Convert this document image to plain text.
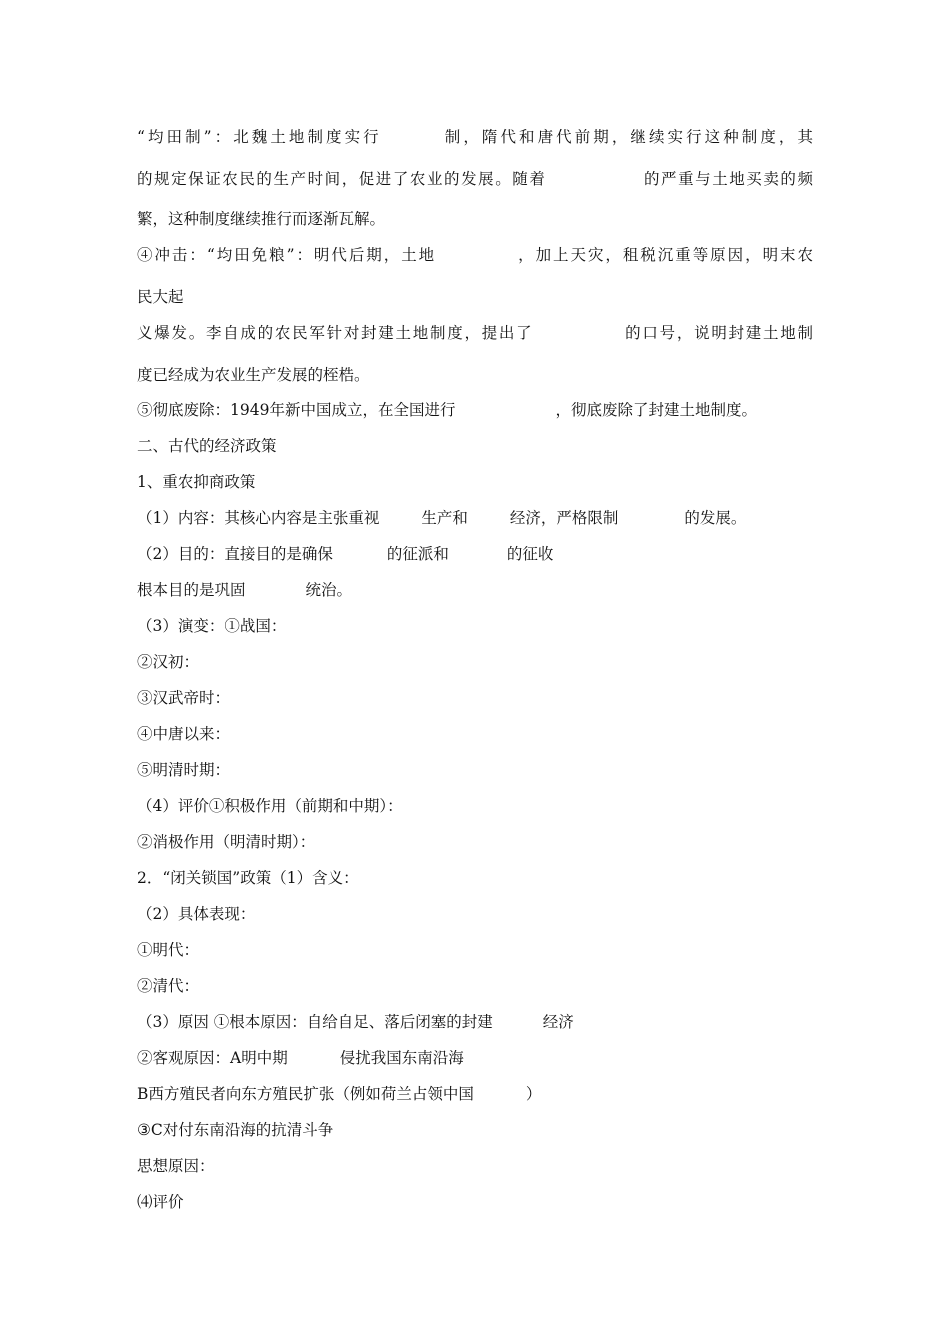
“均田制”：北魏土地制度实行	制，隋代和唐代前期，继续实行这种制度，其
的规定保证农民的生产时间，促进了农业的发展。随着	的严重与土地买卖的频
繁，这种制度继续推行而逐渐瓦解。
④冲击：“均田免粮”：明代后期，土地	，加上天灾，租税沉重等原因，明末农
民大起
义爆发。李自成的农民军针对封建土地制度，提出了	的口号，说明封建土地制
度已经成为农业生产发展的桎梏。
⑤彻底废除：1949年新中国成立，在全国进行	，彻底废除了封建土地制度。
二、古代的经济政策
1、重农抑商政策
（1）内容：其核心内容是主张重视	生产和	经济，严格限制	的发展。
（2）目的：直接目的是确保	的征派和	的征收
根本目的是巩固	统治。
（3）演变：①战国：
②汉初：
③汉武帝时：
④中唐以来：
⑤明清时期：
（4）评价①积极作用（前期和中期）：
②消极作用（明清时期）：
2．“闭关锁国”政策（1）含义：
（2）具体表现：
①明代：
②清代：
（3）原因 ①根本原因：自给自足、落后闭塞的封建	经济
②客观原因：A明中期	侵扰我国东南沿海
B西方殖民者向东方殖民扩张（例如荷兰占领中国	）
③C对付东南沿海的抗清斗争
思想原因：
⑷评价
